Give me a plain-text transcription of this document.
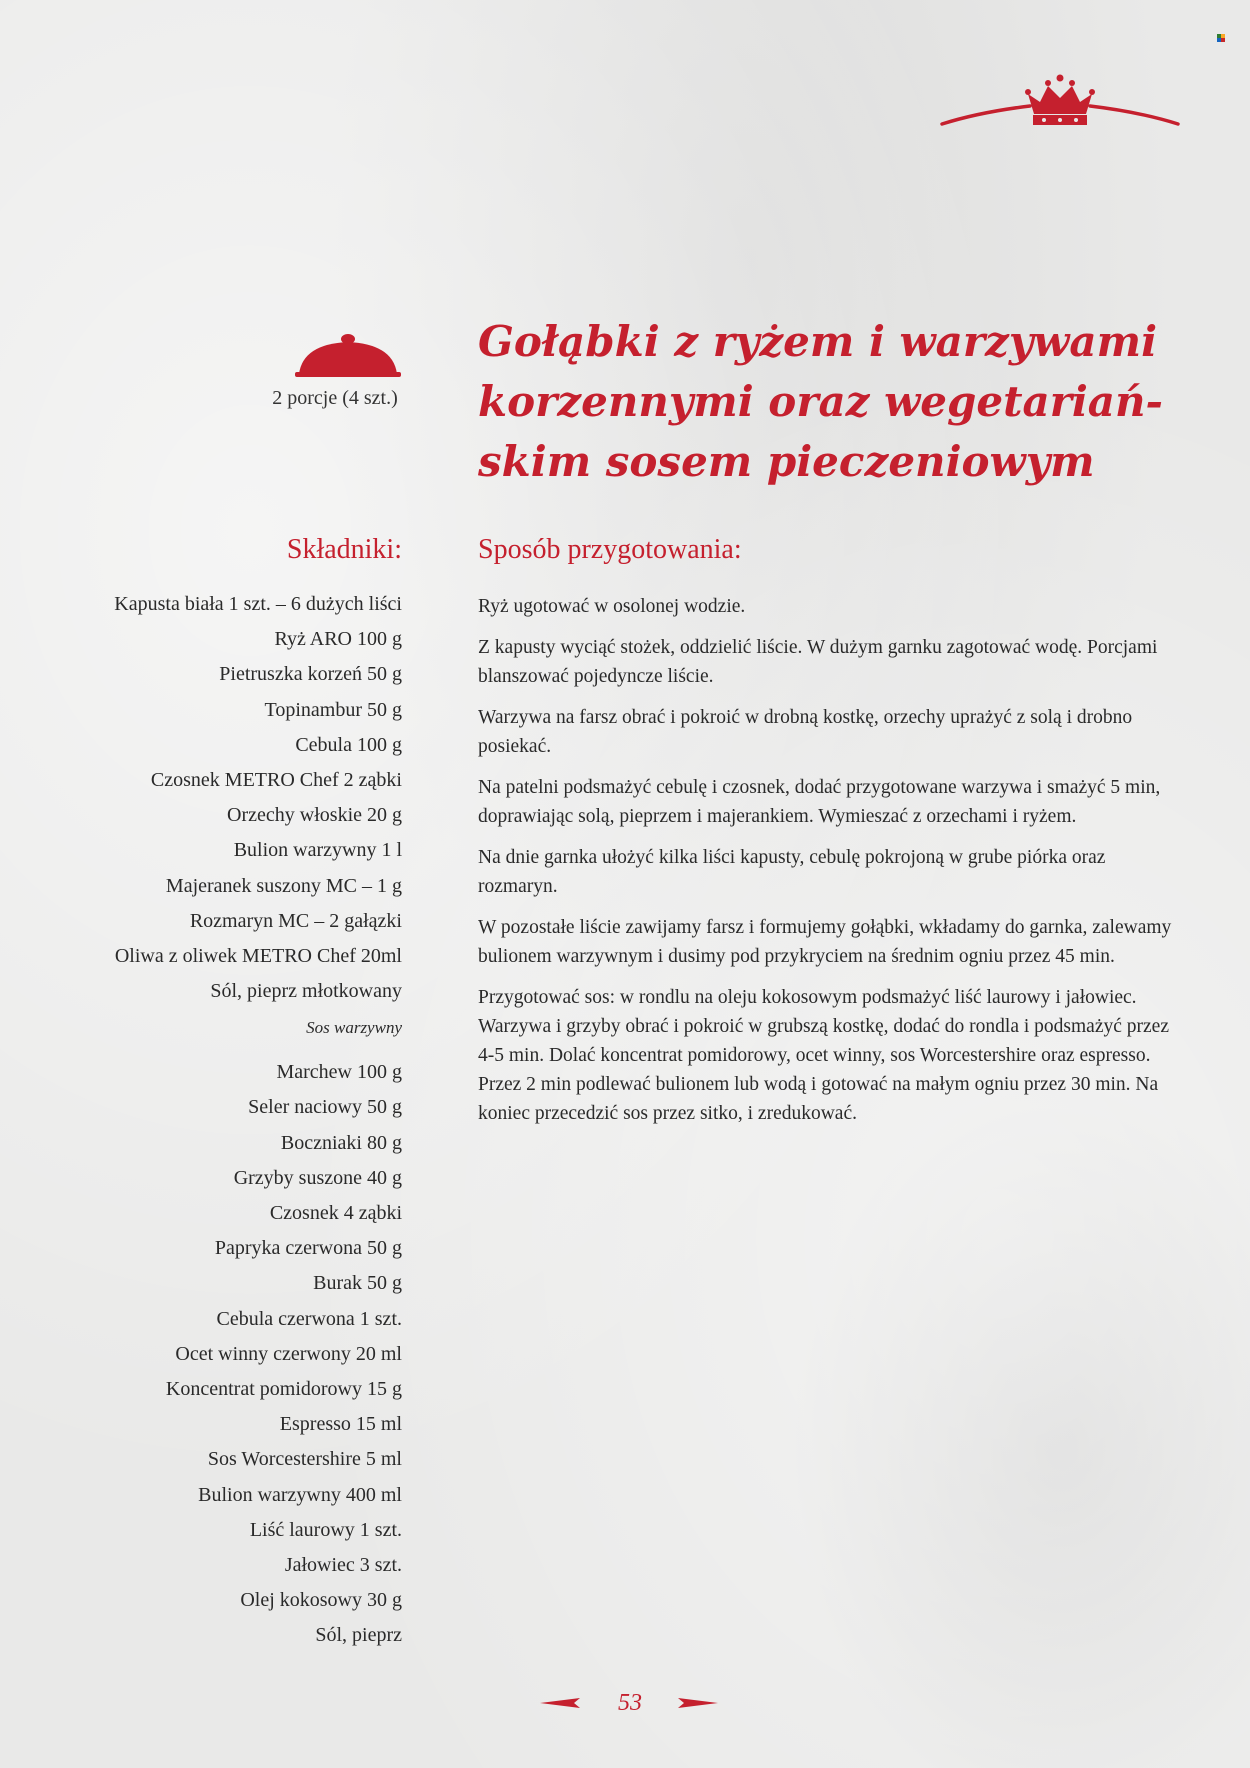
2 porcje (4 szt.)
Gołąbki z ryżem i warzywami korzennymi oraz wegetariań-skim sosem pieczeniowym
Składniki:	Sposób przygotowania:
Kapusta biała 1 szt. – 6 dużych liści
Ryż ARO 100 g
Pietruszka korzeń 50 g
Topinambur 50 g
Cebula 100 g
Czosnek METRO Chef 2 ząbki
Orzechy włoskie 20 g
Bulion warzywny 1 l
Majeranek suszony MC – 1 g
Rozmaryn MC – 2 gałązki
Oliwa z oliwek METRO Chef 20ml
Sól, pieprz młotkowany
Sos warzywny
Marchew 100 g
Seler naciowy 50 g
Boczniaki 80 g
Grzyby suszone 40 g
Czosnek 4 ząbki
Papryka czerwona 50 g
Burak 50 g
Cebula czerwona 1 szt.
Ocet winny czerwony 20 ml
Koncentrat pomidorowy 15 g
Espresso 15 ml
Sos Worcestershire 5 ml
Bulion warzywny 400 ml
Liść laurowy 1 szt.
Jałowiec 3 szt.
Olej kokosowy 30 g
Sól, pieprz

Ryż ugotować w osolonej wodzie.

Z kapusty wyciąć stożek, oddzielić liście. W dużym garnku zagotować wodę. Porcjami blanszować pojedyncze liście.

Warzywa na farsz obrać i pokroić w drobną kostkę, orzechy uprażyć z solą i drobno posiekać.

Na patelni podsmażyć cebulę i czosnek, dodać przygotowane warzywa i smażyć 5 min, doprawiając solą, pieprzem i majerankiem. Wymieszać z orzechami i ryżem.

Na dnie garnka ułożyć kilka liści kapusty, cebulę pokrojoną w grube piórka oraz rozmaryn.

W pozostałe liście zawijamy farsz i formujemy gołąbki, wkładamy do garnka, zalewamy bulionem warzywnym i dusimy pod przykryciem na średnim ogniu przez 45 min.

Przygotować sos: w rondlu na oleju kokosowym podsmażyć liść laurowy i jałowiec. Warzywa i grzyby obrać i pokroić w grubszą kostkę, dodać do rondla i podsmażyć przez 4-5 min. Dolać koncentrat pomidorowy, ocet winny, sos Worcestershire oraz espresso. Przez 2 min podlewać bulionem lub wodą i gotować na małym ogniu przez 30 min. Na koniec przecedzić sos przez sitko, i zredukować.

53
